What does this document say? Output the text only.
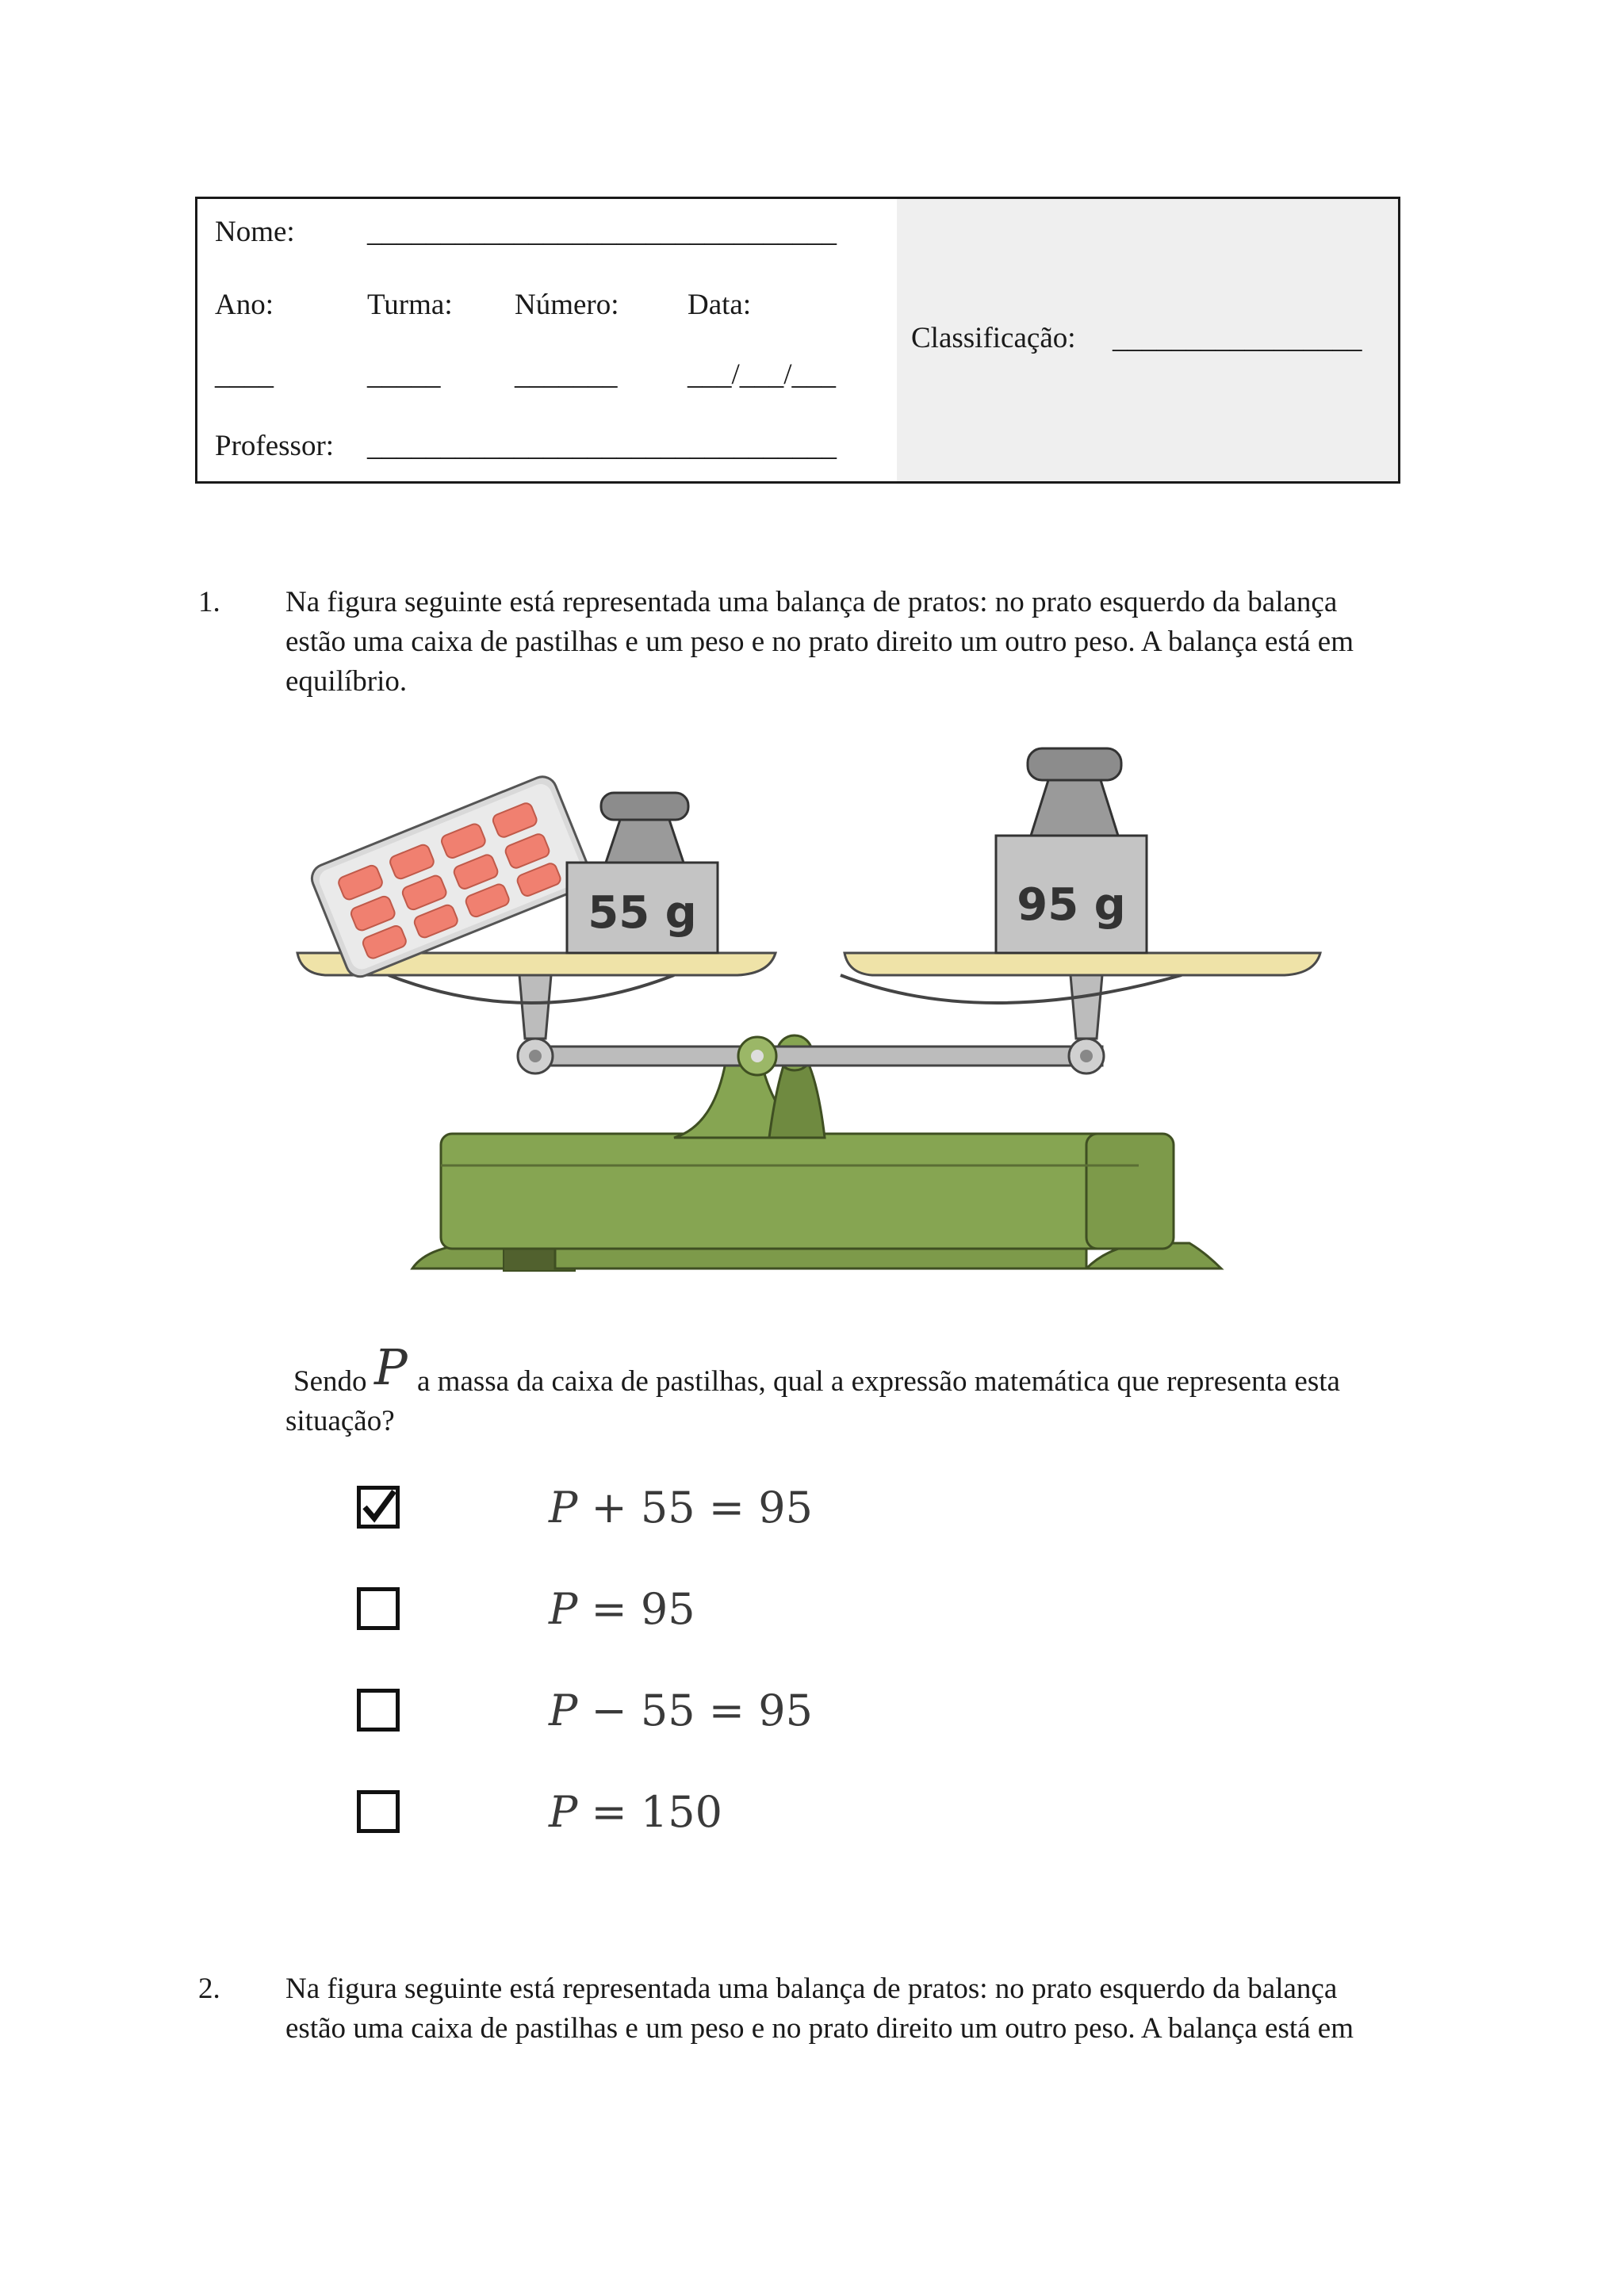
Nome: ________________________________
Ano:	Turma: Número: Data:
____	_____	_______ ___/___/___
Professor: ________________________________
Classificação: _________________
1. Na figura seguinte está representada uma balança de pratos: no prato esquerdo da balança
estão uma caixa de pastilhas e um peso e no prato direito um outro peso. A balança está em
equilíbrio.
55 g	95 g
Sendo P a massa da caixa de pastilhas, qual a expressão matemática que representa esta
situação?
P + 55 = 95
P = 95
P − 55 = 95
P = 150
2. Na figura seguinte está representada uma balança de pratos: no prato esquerdo da balança
estão uma caixa de pastilhas e um peso e no prato direito um outro peso. A balança está em
